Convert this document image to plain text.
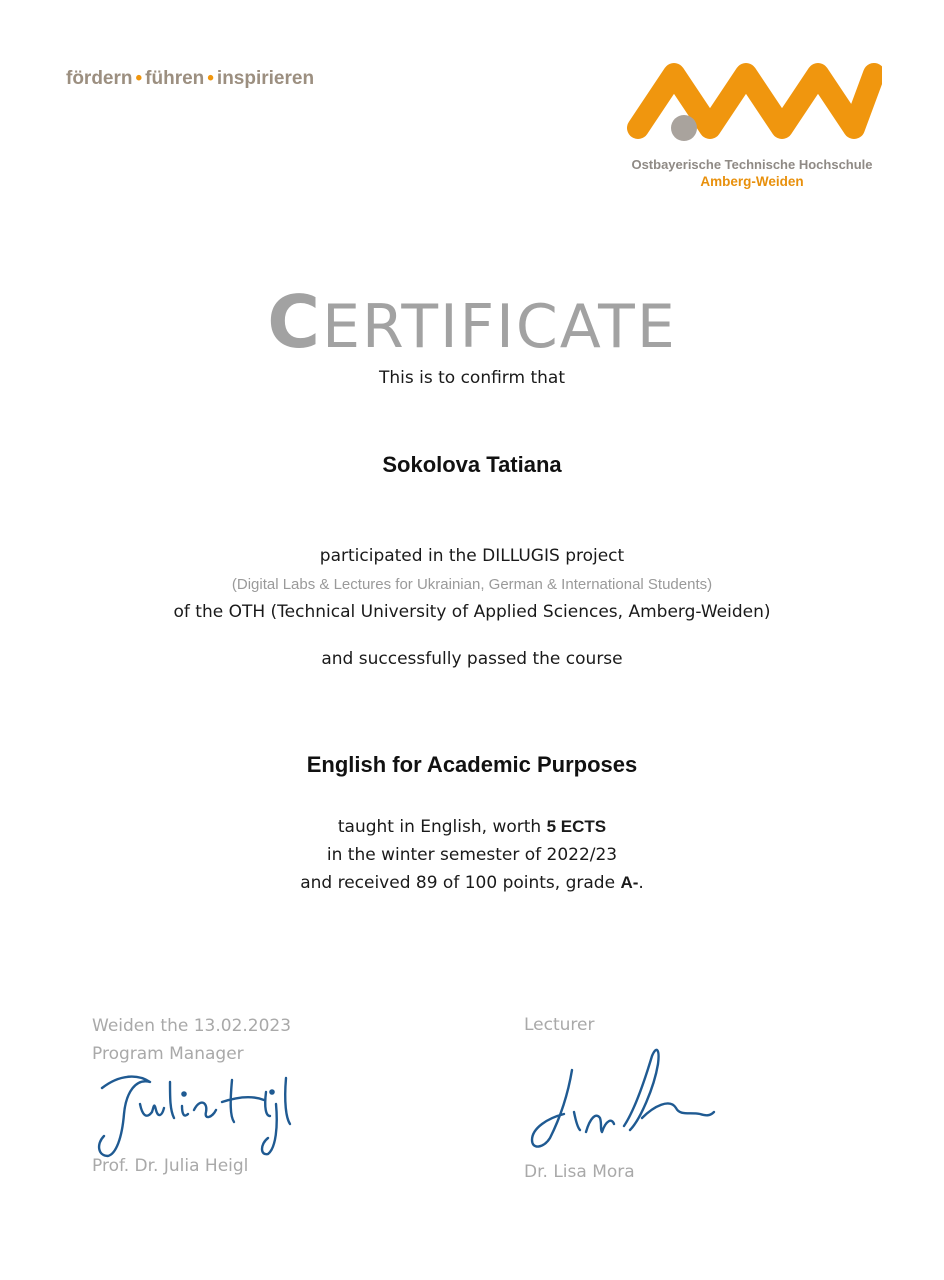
fördern • führen • inspirieren
Ostbayerische Technische Hochschule
Amberg-Weiden
CERTIFICATE
This is to confirm that
Sokolova Tatiana
participated in the DILLUGIS project
(Digital Labs & Lectures for Ukrainian, German & International Students)
of the OTH (Technical University of Applied Sciences, Amberg-Weiden)
and successfully passed the course
English for Academic Purposes
taught in English, worth 5 ECTS
in the winter semester of 2022/23
and received 89 of 100 points, grade A-.
Weiden the 13.02.2023
Program Manager
Prof. Dr. Julia Heigl
Lecturer
Dr. Lisa Mora
